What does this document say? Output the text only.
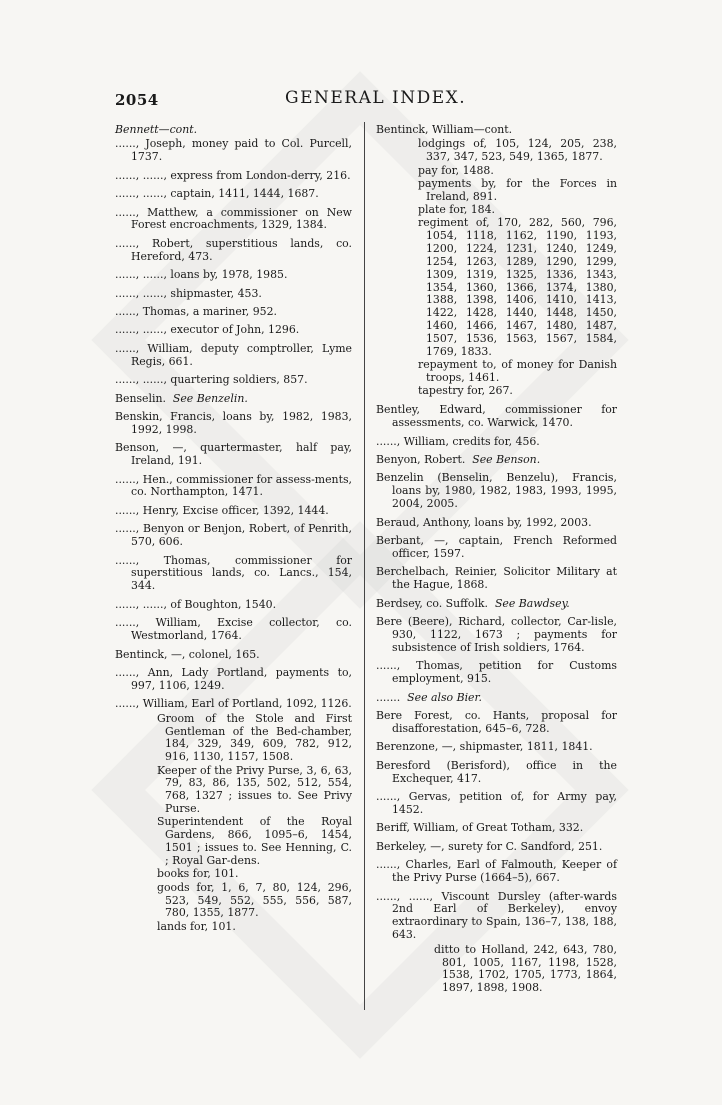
2054	GENERAL INDEX.
Bennett—cont.
......, Joseph, money paid to Col. Purcell, 1737.
......, ......, express from London-derry, 216.
......, ......, captain, 1411, 1444, 1687.
......, Matthew, a commissioner on New Forest encroachments, 1329, 1384.
......, Robert, superstitious lands, co. Hereford, 473.
......, ......, loans by, 1978, 1985.
......, ......, shipmaster, 453.
......, Thomas, a mariner, 952.
......, ......, executor of John, 1296.
......, William, deputy comptroller, Lyme Regis, 661.
......, ......, quartering soldiers, 857.
Benselin. See Benzelin.
Benskin, Francis, loans by, 1982, 1983, 1992, 1998.
Benson, —, quartermaster, half pay, Ireland, 191.
......, Hen., commissioner for assess-ments, co. Northampton, 1471.
......, Henry, Excise officer, 1392, 1444.
......, Benyon or Benjon, Robert, of Penrith, 570, 606.
......, Thomas, commissioner for superstitious lands, co. Lancs., 154, 344.
......, ......, of Boughton, 1540.
......, William, Excise collector, co. Westmorland, 1764.
Bentinck, —, colonel, 165.
......, Ann, Lady Portland, payments to, 997, 1106, 1249.
......, William, Earl of Portland, 1092, 1126.
Groom of the Stole and First Gentleman of the Bed-chamber, 184, 329, 349, 609, 782, 912, 916, 1130, 1157, 1508.
Keeper of the Privy Purse, 3, 6, 63, 79, 83, 86, 135, 502, 512, 554, 768, 1327 ; issues to. See Privy Purse.
Superintendent of the Royal Gardens, 866, 1095–6, 1454, 1501 ; issues to. See Henning, C. ; Royal Gar-dens.
books for, 101.
goods for, 1, 6, 7, 80, 124, 296, 523, 549, 552, 555, 556, 587, 780, 1355, 1877.
lands for, 101.
Bentinck, William—cont.
lodgings of, 105, 124, 205, 238, 337, 347, 523, 549, 1365, 1877.
pay for, 1488.
payments by, for the Forces in Ireland, 891.
plate for, 184.
regiment of, 170, 282, 560, 796, 1054, 1118, 1162, 1190, 1193, 1200, 1224, 1231, 1240, 1249, 1254, 1263, 1289, 1290, 1299, 1309, 1319, 1325, 1336, 1343, 1354, 1360, 1366, 1374, 1380, 1388, 1398, 1406, 1410, 1413, 1422, 1428, 1440, 1448, 1450, 1460, 1466, 1467, 1480, 1487, 1507, 1536, 1563, 1567, 1584, 1769, 1833.
repayment to, of money for Danish troops, 1461.
tapestry for, 267.
Bentley, Edward, commissioner for assessments, co. Warwick, 1470.
......, William, credits for, 456.
Benyon, Robert. See Benson.
Benzelin (Benselin, Benzelu), Francis, loans by, 1980, 1982, 1983, 1993, 1995, 2004, 2005.
Beraud, Anthony, loans by, 1992, 2003.
Berbant, —, captain, French Reformed officer, 1597.
Berchelbach, Reinier, Solicitor Military at the Hague, 1868.
Berdsey, co. Suffolk. See Bawdsey.
Bere (Beere), Richard, collector, Car-lisle, 930, 1122, 1673 ; payments for subsistence of Irish soldiers, 1764.
......, Thomas, petition for Customs employment, 915.
....... See also Bier.
Bere Forest, co. Hants, proposal for disafforestation, 645–6, 728.
Berenzone, —, shipmaster, 1811, 1841.
Beresford (Berisford), office in the Exchequer, 417.
......, Gervas, petition of, for Army pay, 1452.
Beriff, William, of Great Totham, 332.
Berkeley, —, surety for C. Sandford, 251.
......, Charles, Earl of Falmouth, Keeper of the Privy Purse (1664–5), 667.
......, ......, Viscount Dursley (after-wards 2nd Earl of Berkeley), envoy extraordinary to Spain, 136–7, 138, 188, 643.
ditto to Holland, 242, 643, 780, 801, 1005, 1167, 1198, 1528, 1538, 1702, 1705, 1773, 1864, 1897, 1898, 1908.
